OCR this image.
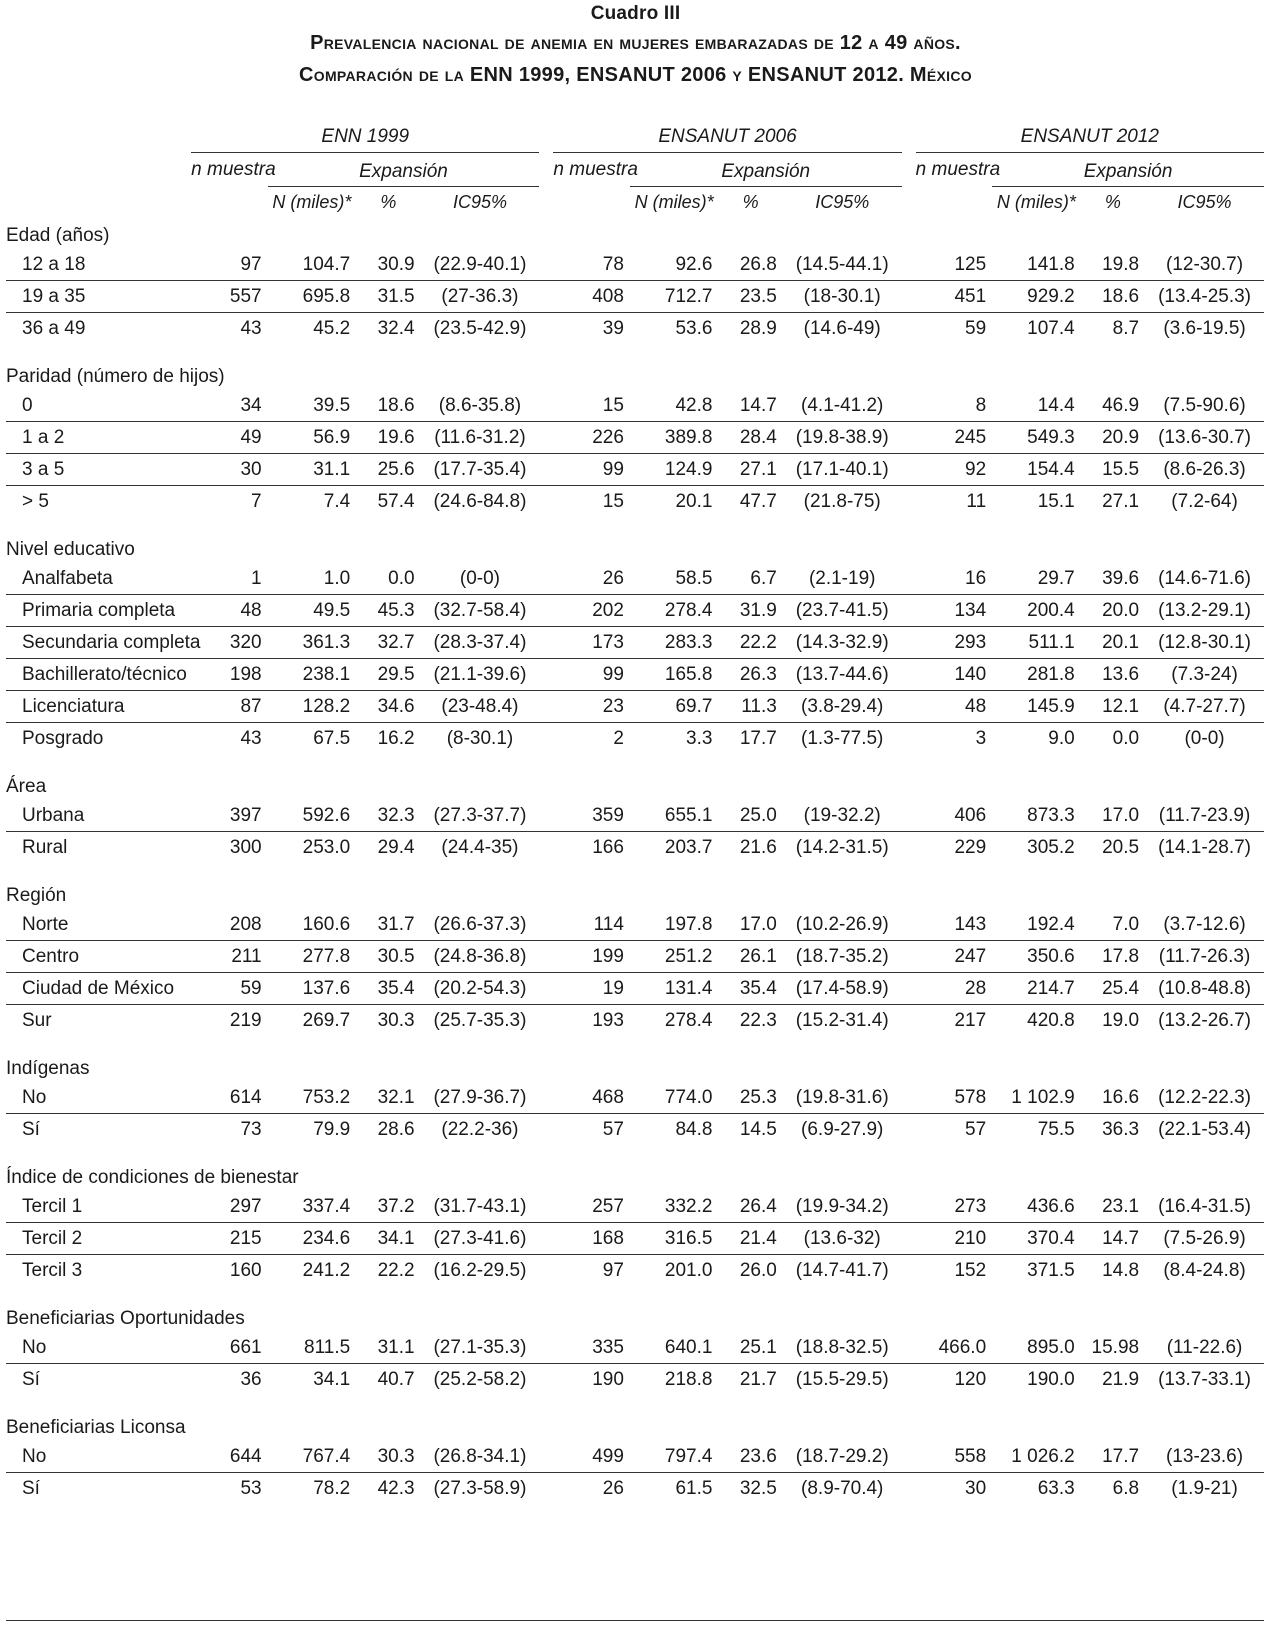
Cuadro III
Prevalencia nacional de anemia en mujeres embarazadas de 12 a 49 años.
Comparación de la ENN 1999, ENSANUT 2006 y ENSANUT 2012. México
	ENN 1999					ENSANUT 2006					ENSANUT 2012			
	n muestra	Expansión				n muestra	Expansión				n muestra	Expansión		
		N (miles)*	%	IC95%			N (miles)*	%	IC95%			N (miles)*	%	IC95%
Edad (años)														
12 a 18	97	104.7	30.9	(22.9-40.1)		78	92.6	26.8	(14.5-44.1)		125	141.8	19.8	(12-30.7)
19 a 35	557	695.8	31.5	(27-36.3)		408	712.7	23.5	(18-30.1)		451	929.2	18.6	(13.4-25.3)
36 a 49	43	45.2	32.4	(23.5-42.9)		39	53.6	28.9	(14.6-49)		59	107.4	8.7	(3.6-19.5)

Paridad (número de hijos)														
0	34	39.5	18.6	(8.6-35.8)		15	42.8	14.7	(4.1-41.2)		8	14.4	46.9	(7.5-90.6)
1 a 2	49	56.9	19.6	(11.6-31.2)		226	389.8	28.4	(19.8-38.9)		245	549.3	20.9	(13.6-30.7)
3 a 5	30	31.1	25.6	(17.7-35.4)		99	124.9	27.1	(17.1-40.1)		92	154.4	15.5	(8.6-26.3)
> 5	7	7.4	57.4	(24.6-84.8)		15	20.1	47.7	(21.8-75)		11	15.1	27.1	(7.2-64)

Nivel educativo														
Analfabeta	1	1.0	0.0	(0-0)		26	58.5	6.7	(2.1-19)		16	29.7	39.6	(14.6-71.6)
Primaria completa	48	49.5	45.3	(32.7-58.4)		202	278.4	31.9	(23.7-41.5)		134	200.4	20.0	(13.2-29.1)
Secundaria completa	320	361.3	32.7	(28.3-37.4)		173	283.3	22.2	(14.3-32.9)		293	511.1	20.1	(12.8-30.1)
Bachillerato/técnico	198	238.1	29.5	(21.1-39.6)		99	165.8	26.3	(13.7-44.6)		140	281.8	13.6	(7.3-24)
Licenciatura	87	128.2	34.6	(23-48.4)		23	69.7	11.3	(3.8-29.4)		48	145.9	12.1	(4.7-27.7)
Posgrado	43	67.5	16.2	(8-30.1)		2	3.3	17.7	(1.3-77.5)		3	9.0	0.0	(0-0)

Área														
Urbana	397	592.6	32.3	(27.3-37.7)		359	655.1	25.0	(19-32.2)		406	873.3	17.0	(11.7-23.9)
Rural	300	253.0	29.4	(24.4-35)		166	203.7	21.6	(14.2-31.5)		229	305.2	20.5	(14.1-28.7)

Región														
Norte	208	160.6	31.7	(26.6-37.3)		114	197.8	17.0	(10.2-26.9)		143	192.4	7.0	(3.7-12.6)
Centro	211	277.8	30.5	(24.8-36.8)		199	251.2	26.1	(18.7-35.2)		247	350.6	17.8	(11.7-26.3)
Ciudad de México	59	137.6	35.4	(20.2-54.3)		19	131.4	35.4	(17.4-58.9)		28	214.7	25.4	(10.8-48.8)
Sur	219	269.7	30.3	(25.7-35.3)		193	278.4	22.3	(15.2-31.4)		217	420.8	19.0	(13.2-26.7)

Indígenas														
No	614	753.2	32.1	(27.9-36.7)		468	774.0	25.3	(19.8-31.6)		578	1 102.9	16.6	(12.2-22.3)
Sí	73	79.9	28.6	(22.2-36)		57	84.8	14.5	(6.9-27.9)		57	75.5	36.3	(22.1-53.4)

Índice de condiciones de bienestar														
Tercil 1	297	337.4	37.2	(31.7-43.1)		257	332.2	26.4	(19.9-34.2)		273	436.6	23.1	(16.4-31.5)
Tercil 2	215	234.6	34.1	(27.3-41.6)		168	316.5	21.4	(13.6-32)		210	370.4	14.7	(7.5-26.9)
Tercil 3	160	241.2	22.2	(16.2-29.5)		97	201.0	26.0	(14.7-41.7)		152	371.5	14.8	(8.4-24.8)

Beneficiarias Oportunidades														
No	661	811.5	31.1	(27.1-35.3)		335	640.1	25.1	(18.8-32.5)		466.0	895.0	15.98	(11-22.6)
Sí	36	34.1	40.7	(25.2-58.2)		190	218.8	21.7	(15.5-29.5)		120	190.0	21.9	(13.7-33.1)

Beneficiarias Liconsa														
No	644	767.4	30.3	(26.8-34.1)		499	797.4	23.6	(18.7-29.2)		558	1 026.2	17.7	(13-23.6)
Sí	53	78.2	42.3	(27.3-58.9)		26	61.5	32.5	(8.9-70.4)		30	63.3	6.8	(1.9-21)
